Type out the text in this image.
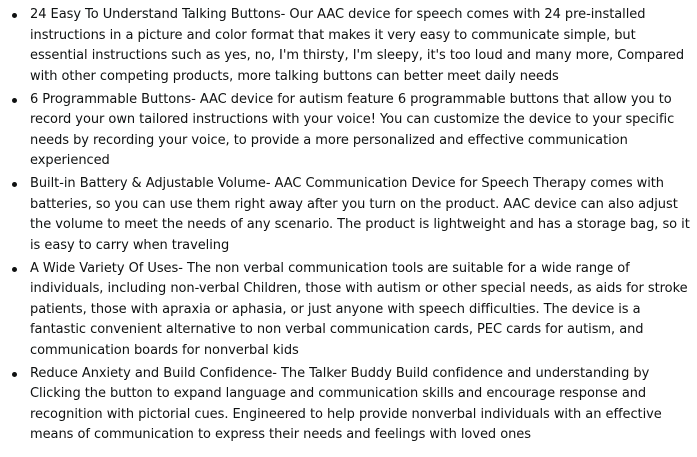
24 Easy To Understand Talking Buttons- Our AAC device for speech comes with 24 pre-installed instructions in a picture and color format that makes it very easy to communicate simple, but essential instructions such as yes, no, I'm thirsty, I'm sleepy, it's too loud and many more, Compared with other competing products, more talking buttons can better meet daily needs
6 Programmable Buttons- AAC device for autism feature 6 programmable buttons that allow you to record your own tailored instructions with your voice! You can customize the device to your specific needs by recording your voice, to provide a more personalized and effective communication experienced
Built-in Battery & Adjustable Volume- AAC Communication Device for Speech Therapy comes with batteries, so you can use them right away after you turn on the product. AAC device can also adjust the volume to meet the needs of any scenario. The product is lightweight and has a storage bag, so it is easy to carry when traveling
A Wide Variety Of Uses- The non verbal communication tools are suitable for a wide range of individuals, including non-verbal Children, those with autism or other special needs, as aids for stroke patients, those with apraxia or aphasia, or just anyone with speech difficulties. The device is a fantastic convenient alternative to non verbal communication cards, PEC cards for autism, and communication boards for nonverbal kids
Reduce Anxiety and Build Confidence- The Talker Buddy Build confidence and understanding by Clicking the button to expand language and communication skills and encourage response and recognition with pictorial cues. Engineered to help provide nonverbal individuals with an effective means of communication to express their needs and feelings with loved ones
